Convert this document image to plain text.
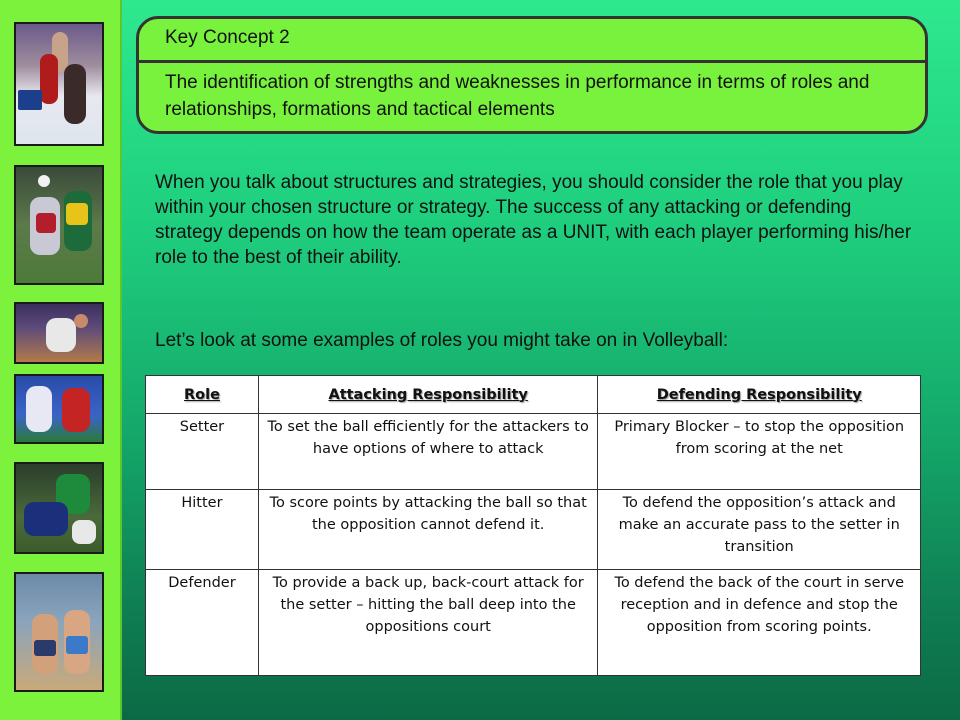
Key Concept 2
The identification of strengths and weaknesses in performance in terms of roles and relationships, formations and tactical elements
When you talk about structures and strategies, you should consider the role that you play within your chosen structure or strategy. The success of any attacking or defending strategy depends on how the team operate as a UNIT, with each player performing his/her role to the best of their ability.
Let’s look at some examples of roles you might take on in Volleyball:
Role	Attacking Responsibility	Defending Responsibility
Setter	To set the ball efficiently for the attackers to have options of where to attack	Primary Blocker – to stop the opposition from scoring at the net
Hitter	To score points by attacking the ball so that the opposition cannot defend it.	To defend the opposition’s attack and make an accurate pass to the setter in transition
Defender	To provide a back up, back-court attack for the setter – hitting the ball deep into the oppositions court	To defend the back of the court in serve reception and in defence and stop the opposition from scoring points.
